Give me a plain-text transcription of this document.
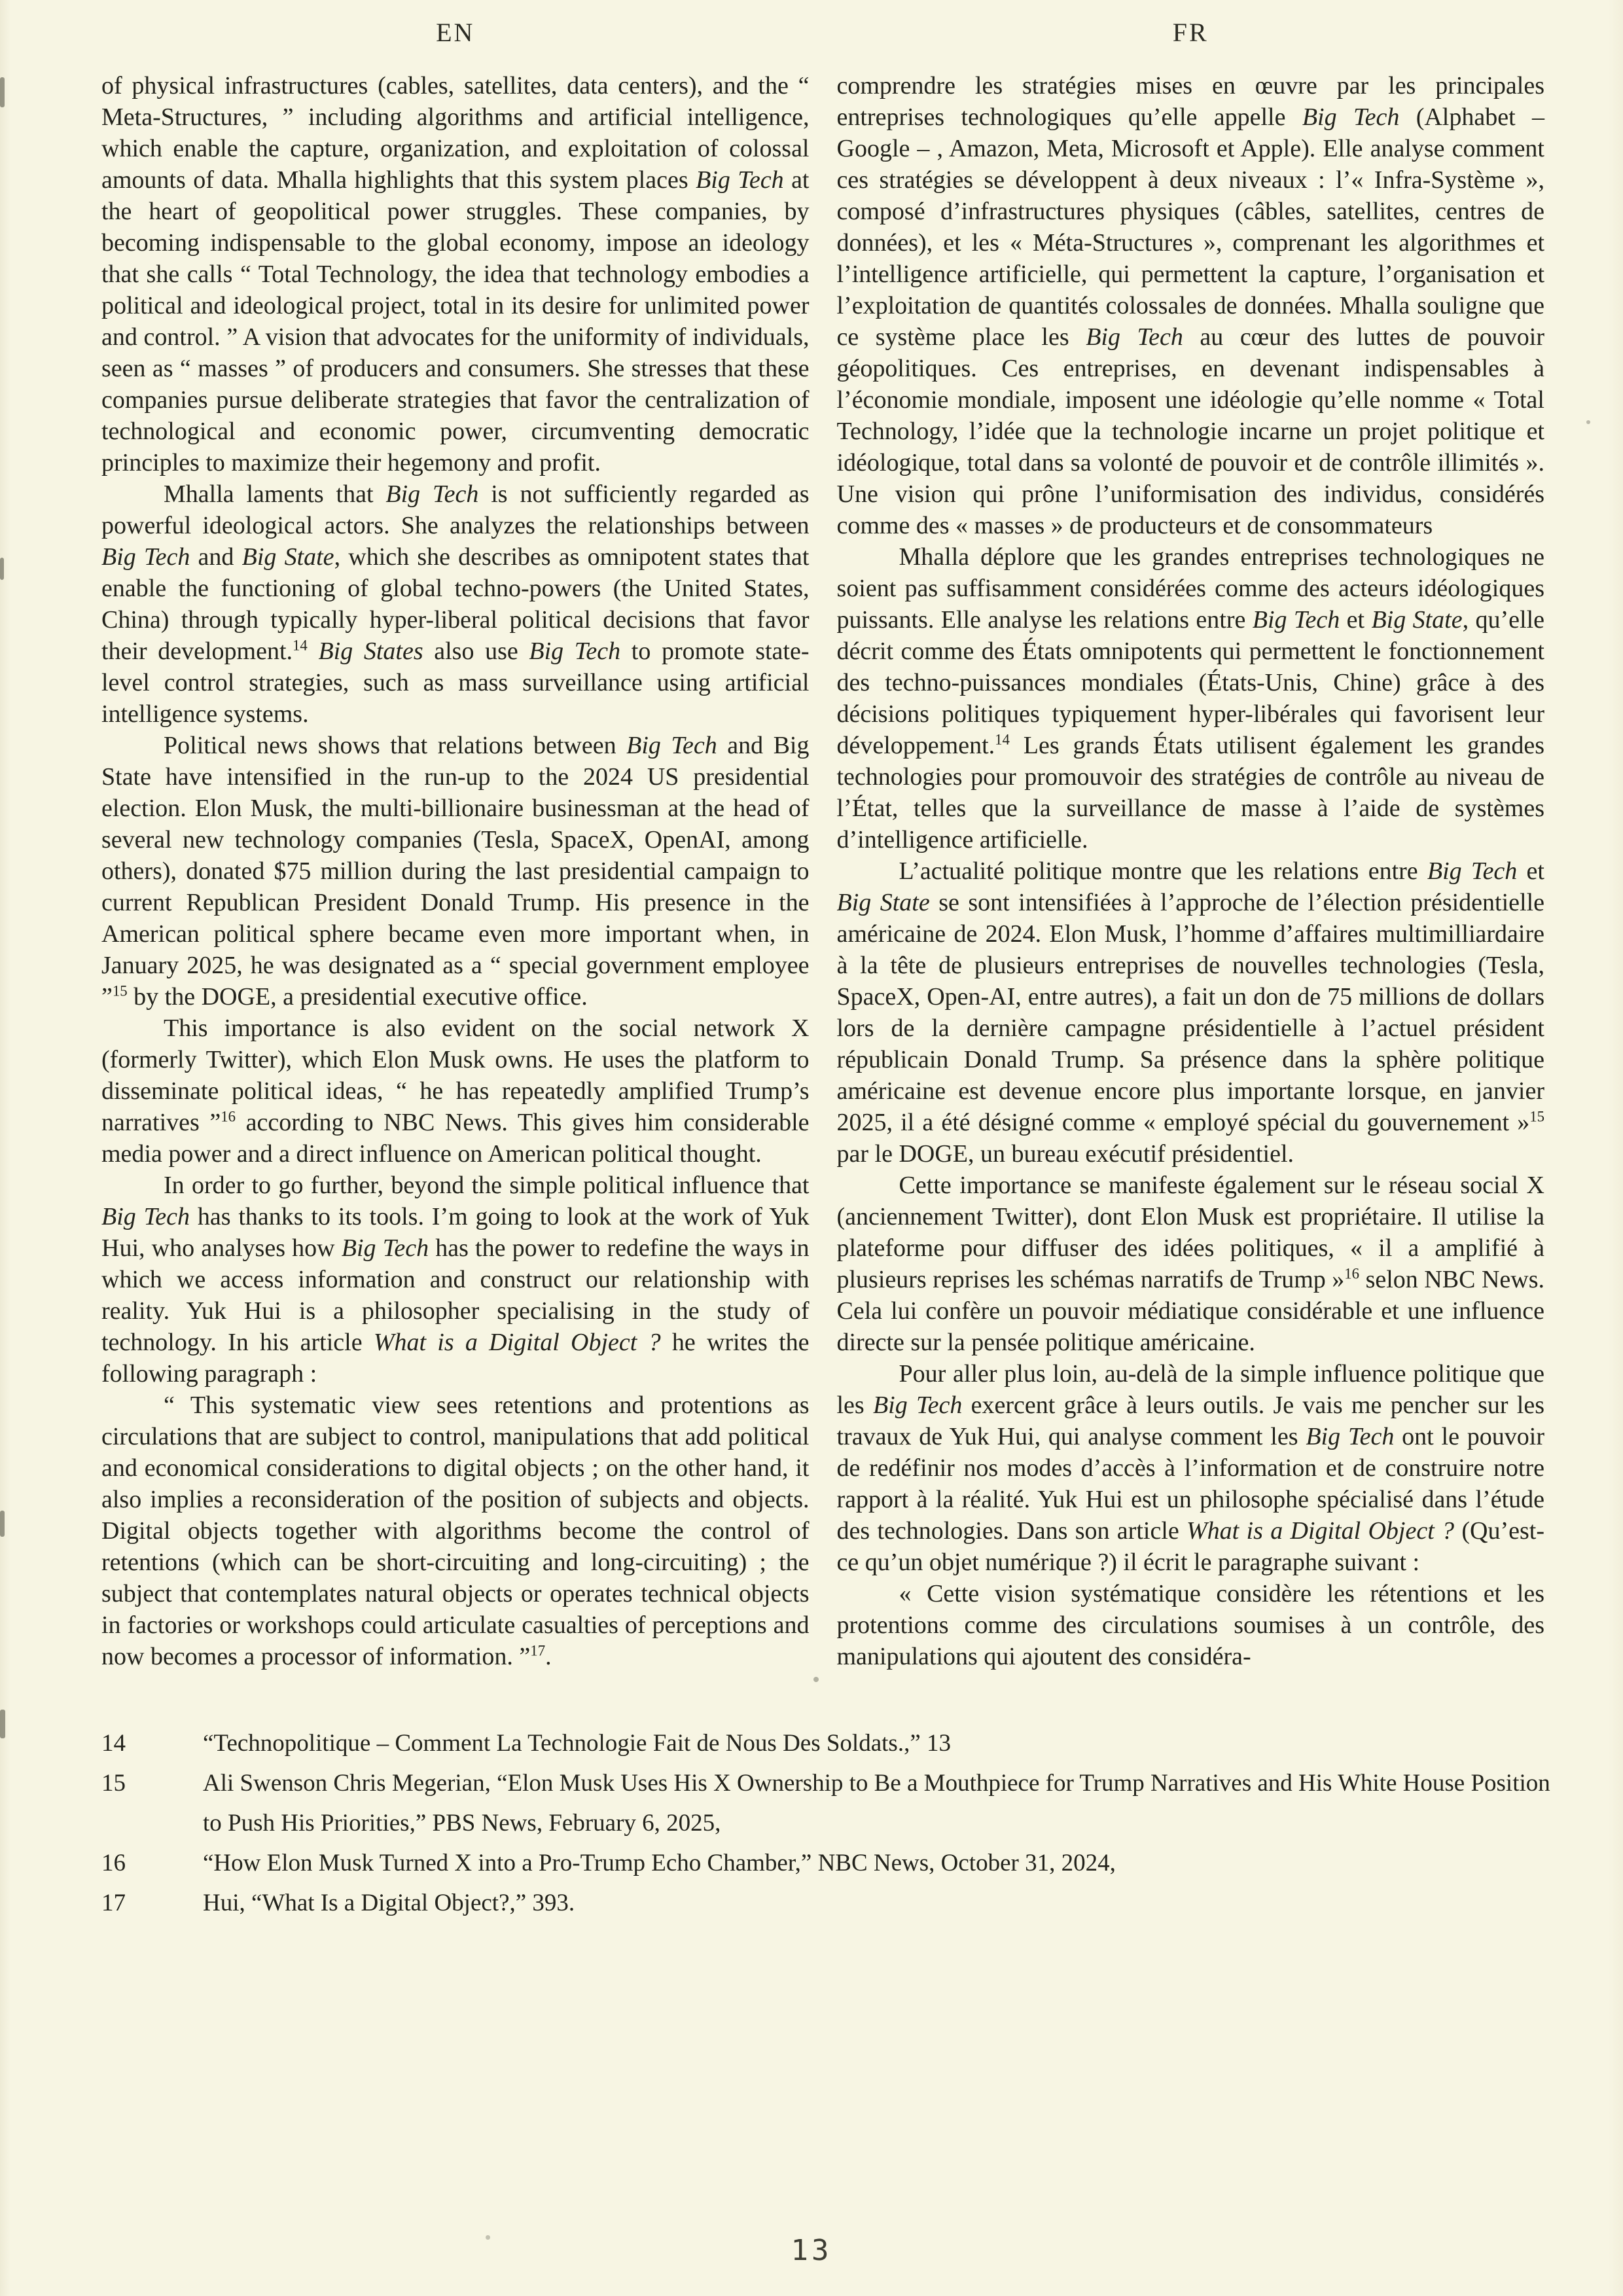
EN	FR

of physical infrastructures (cables, satellites, data centers), and the “ Meta-Structures, ” including algorithms and artificial intelligence, which enable the capture, organization, and exploitation of colossal amounts of data. Mhalla highlights that this system places Big Tech at the heart of geopolitical power struggles. These companies, by becoming indispensable to the global economy, impose an ideology that she calls “ Total Technology, the idea that technology embodies a political and ideological project, total in its desire for unlimited power and control. ” A vision that advocates for the uniformity of individuals, seen as “ masses ” of producers and consumers. She stresses that these companies pursue deliberate strategies that favor the centralization of technological and economic power, circumventing democratic principles to maximize their hegemony and profit.

Mhalla laments that Big Tech is not sufficiently regarded as powerful ideological actors. She analyzes the relationships between Big Tech and Big State, which she describes as omnipotent states that enable the functioning of global techno-powers (the United States, China) through typically hyper-liberal political decisions that favor their development.$^{14}$ Big States also use Big Tech to promote state-level control strategies, such as mass surveillance using artificial intelligence systems.

Political news shows that relations between Big Tech and Big State have intensified in the run-up to the 2024 US presidential election. Elon Musk, the multi-billionaire businessman at the head of several new technology companies (Tesla, SpaceX, OpenAI, among others), donated $75 million during the last presidential campaign to current Republican President Donald Trump. His presence in the American political sphere became even more important when, in January 2025, he was designated as a “ special government employee ”$^{15}$ by the DOGE, a presidential executive office.

This importance is also evident on the social network X (formerly Twitter), which Elon Musk owns. He uses the platform to disseminate political ideas, “ he has repeatedly amplified Trump’s narratives ”$^{16}$ according to NBC News. This gives him considerable media power and a direct influence on American political thought.

In order to go further, beyond the simple political influence that Big Tech has thanks to its tools. I’m going to look at the work of Yuk Hui, who analyses how Big Tech has the power to redefine the ways in which we access information and construct our relationship with reality. Yuk Hui is a philosopher specialising in the study of technology. In his article What is a Digital Object ? he writes the following paragraph :

“ This systematic view sees retentions and protentions as circulations that are subject to control, manipulations that add political and economical considerations to digital objects ; on the other hand, it also implies a reconsideration of the position of subjects and objects. Digital objects together with algorithms become the control of retentions (which can be short-circuiting and long-circuiting) ; the subject that contemplates natural objects or operates technical objects in factories or workshops could articulate casualties of perceptions and now becomes a processor of information. ”$^{17}$.

comprendre les stratégies mises en œuvre par les principales entreprises technologiques qu’elle appelle Big Tech (Alphabet – Google – , Amazon, Meta, Microsoft et Apple). Elle analyse comment ces stratégies se développent à deux niveaux : l’« Infra-Système », composé d’infrastructures physiques (câbles, satellites, centres de données), et les « Méta-Structures », comprenant les algorithmes et l’intelligence artificielle, qui permettent la capture, l’organisation et l’exploitation de quantités colossales de données. Mhalla souligne que ce système place les Big Tech au cœur des luttes de pouvoir géopolitiques. Ces entreprises, en devenant indispensables à l’économie mondiale, imposent une idéologie qu’elle nomme « Total Technology, l’idée que la technologie incarne un projet politique et idéologique, total dans sa volonté de pouvoir et de contrôle illimités ». Une vision qui prône l’uniformisation des individus, considérés comme des « masses » de producteurs et de consommateurs

Mhalla déplore que les grandes entreprises technologiques ne soient pas suffisamment considérées comme des acteurs idéologiques puissants. Elle analyse les relations entre Big Tech et Big State, qu’elle décrit comme des États omnipotents qui permettent le fonctionnement des techno-puissances mondiales (États-Unis, Chine) grâce à des décisions politiques typiquement hyper-libérales qui favorisent leur développement.$^{14}$ Les grands États utilisent également les grandes technologies pour promouvoir des stratégies de contrôle au niveau de l’État, telles que la surveillance de masse à l’aide de systèmes d’intelligence artificielle.

L’actualité politique montre que les relations entre Big Tech et Big State se sont intensifiées à l’approche de l’élection présidentielle américaine de 2024. Elon Musk, l’homme d’affaires multimilliardaire à la tête de plusieurs entreprises de nouvelles technologies (Tesla, SpaceX, Open-AI, entre autres), a fait un don de 75 millions de dollars lors de la dernière campagne présidentielle à l’actuel président républicain Donald Trump. Sa présence dans la sphère politique américaine est devenue encore plus importante lorsque, en janvier 2025, il a été désigné comme « employé spécial du gouvernement »$^{15}$ par le DOGE, un bureau exécutif présidentiel.

Cette importance se manifeste également sur le réseau social X (anciennement Twitter), dont Elon Musk est propriétaire. Il utilise la plateforme pour diffuser des idées politiques, « il a amplifié à plusieurs reprises les schémas narratifs de Trump »$^{16}$ selon NBC News. Cela lui confère un pouvoir médiatique considérable et une influence directe sur la pensée politique américaine.

Pour aller plus loin, au-delà de la simple influence politique que les Big Tech exercent grâce à leurs outils. Je vais me pencher sur les travaux de Yuk Hui, qui analyse comment les Big Tech ont le pouvoir de redéfinir nos modes d’accès à l’information et de construire notre rapport à la réalité. Yuk Hui est un philosophe spécialisé dans l’étude des technologies. Dans son article What is a Digital Object ? (Qu’est-ce qu’un objet numérique ?) il écrit le paragraphe suivant :

« Cette vision systématique considère les rétentions et les protentions comme des circulations soumises à un contrôle, des manipulations qui ajoutent des considéra-

14	“Technopolitique – Comment La Technologie Fait de Nous Des Soldats.,” 13
15	Ali Swenson Chris Megerian, “Elon Musk Uses His X Ownership to Be a Mouthpiece for Trump Narratives and His White House Position to Push His Priorities,” PBS News, February 6, 2025,
16	“How Elon Musk Turned X into a Pro-Trump Echo Chamber,” NBC News, October 31, 2024,
17	Hui, “What Is a Digital Object?,” 393.
13
